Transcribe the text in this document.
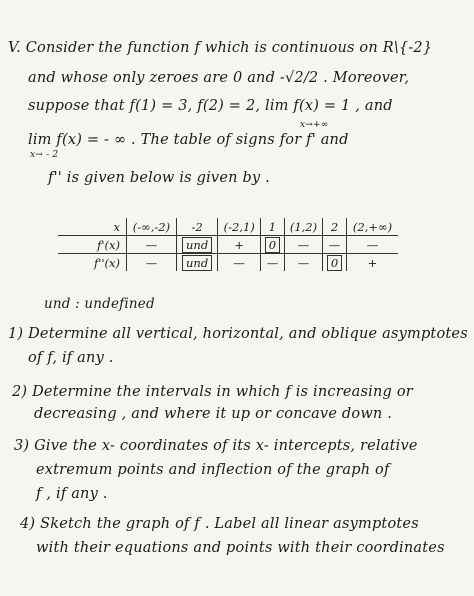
V. Consider the function f which is continuous on R\{-2}
and whose only zeroes are 0 and -√2/2 . Moreover,
suppose that f(1) = 3, f(2) = 2, lim f(x) = 1 , and
x→+∞
lim f(x) = - ∞ . The table of signs for f' and
x→ - 2
f'' is given below is given by .
x	(-∞,-2)	-2	(-2,1)	1	(1,2)	2	(2,+∞)
f'(x)	—	und	+	0	—	—	—
f''(x)	—	und	—	—	—	0	+
und : undefined
1) Determine all vertical, horizontal, and oblique asymptotes
of f, if any .
2) Determine the intervals in which f is increasing or
decreasing , and where it up or concave down .
3) Give the x- coordinates of its x- intercepts, relative
extremum points and inflection of the graph of
f , if any .
4) Sketch the graph of f . Label all linear asymptotes
with their equations and points with their coordinates
